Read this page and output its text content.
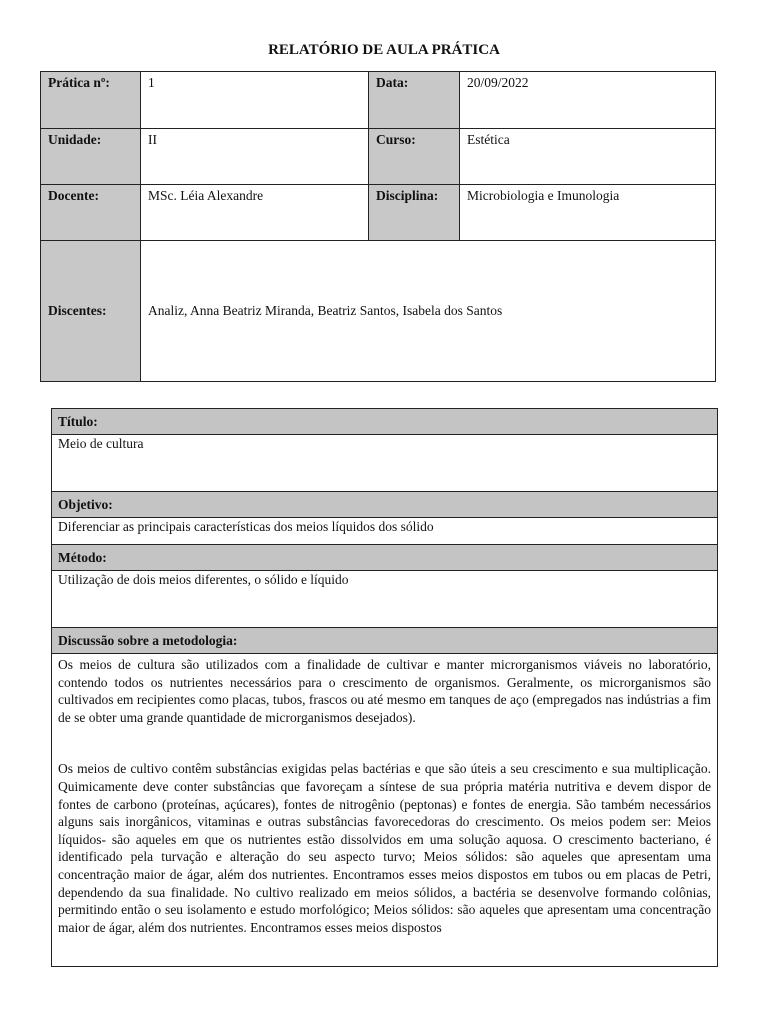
RELATÓRIO DE AULA PRÁTICA
Prática nº:	1	Data:	20/09/2022
Unidade:	II	Curso:	Estética
Docente:	MSc. Léia Alexandre	Disciplina:	Microbiologia e Imunologia
Discentes:	Analiz, Anna Beatriz Miranda, Beatriz Santos, Isabela dos Santos		
Título:
Meio de cultura
Objetivo:
Diferenciar as principais características dos meios líquidos dos sólido
Método:
Utilização de dois meios diferentes, o sólido e líquido
Discussão sobre a metodologia:

Os meios de cultura são utilizados com a finalidade de cultivar e manter microrganismos viáveis no laboratório, contendo todos os nutrientes necessários para o crescimento de organismos. Geralmente, os microrganismos são cultivados em recipientes como placas, tubos, frascos ou até mesmo em tanques de aço (empregados nas indústrias a fim de se obter uma grande quantidade de microrganismos desejados).

Os meios de cultivo contêm substâncias exigidas pelas bactérias e que são úteis a seu crescimento e sua multiplicação. Quimicamente deve conter substâncias que favoreçam a síntese de sua própria matéria nutritiva e devem dispor de fontes de carbono (proteínas, açúcares), fontes de nitrogênio (peptonas) e fontes de energia. São também necessários alguns sais inorgânicos, vitaminas e outras substâncias favorecedoras do crescimento. Os meios podem ser: Meios líquidos- são aqueles em que os nutrientes estão dissolvidos em uma solução aquosa. O crescimento bacteriano, é identificado pela turvação e alteração do seu aspecto turvo; Meios sólidos: são aqueles que apresentam uma concentração maior de ágar, além dos nutrientes. Encontramos esses meios dispostos em tubos ou em placas de Petri, dependendo da sua finalidade. No cultivo realizado em meios sólidos, a bactéria se desenvolve formando colônias, permitindo então o seu isolamento e estudo morfológico; Meios sólidos: são aqueles que apresentam uma concentração maior de ágar, além dos nutrientes. Encontramos esses meios dispostos
